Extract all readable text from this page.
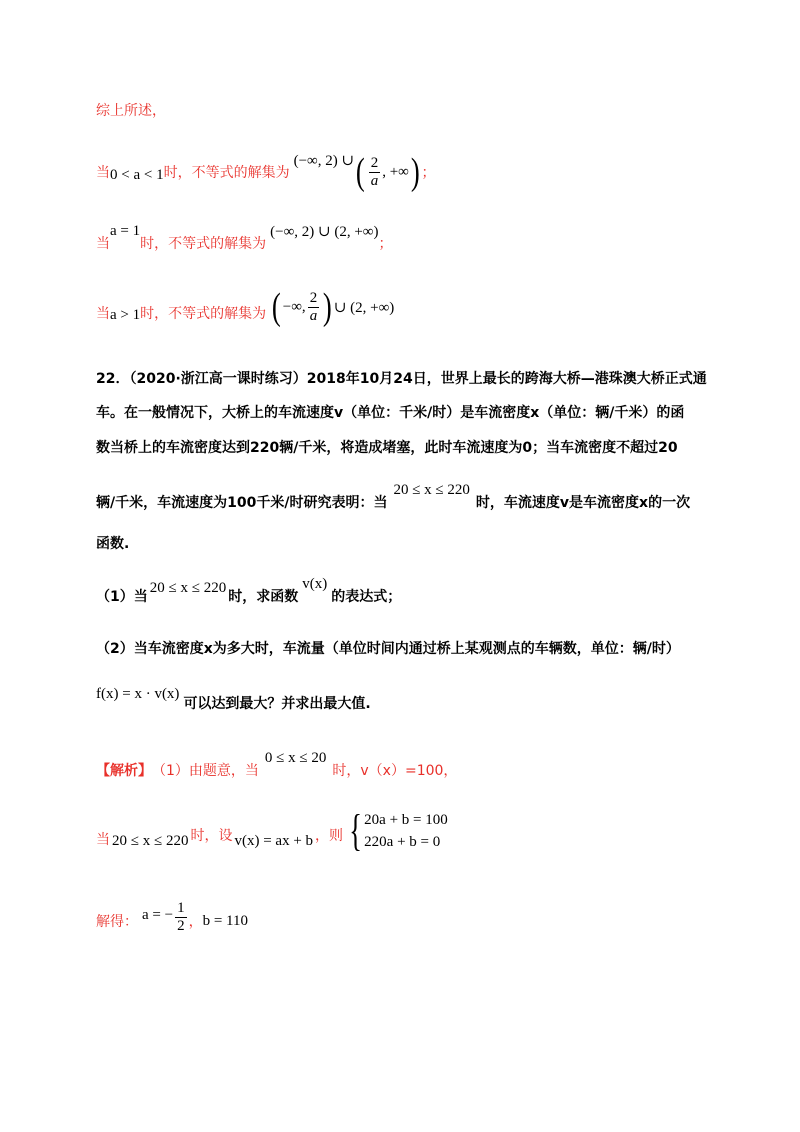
综上所述，
当 0 < a < 1 时，不等式的解集为
(−∞, 2) ∪ ( $\frac{2}{a}$ , +∞ ) ；
当
a = 1
时，不等式的解集为
(−∞, 2) ∪ (2, +∞)
；
当 a > 1 时，不等式的解集为 ( −∞, $\frac{2}{a}$ ) ∪ (2, +∞)
22．（2020·浙江高一课时练习） 2018年10月24日，世界上最长的跨海大桥—港珠澳大桥正式通
车。在一般情况下，大桥上的车流速度v（单位：千米/时）是车流密度x（单位：辆/千米）的函
数当桥上的车流密度达到220辆/千米，将造成堵塞，此时车流速度为0；当车流密度不超过20
辆/千米，车流速度为100千米/时研究表明：当
20 ≤ x ≤ 220
时，车流速度v是车流密度x的一次
函数.
（1）当
20 ≤ x ≤ 220
时，求函数
v(x)
的表达式；
（2）当车流密度x为多大时，车流量（单位时间内通过桥上某观测点的车辆数，单位：辆/时）
f(x) = x · v(x)
可以达到最大？并求出最大值.
【解析】 （1）由题意，当
0 ≤ x ≤ 20
时，v（x）=100，
当 20 ≤ x ≤ 220 时，设 v(x) = ax + b ，则 { 20a + b = 100
220a + b = 0
解得： a = − $\frac{1}{2}$ ， b = 110
